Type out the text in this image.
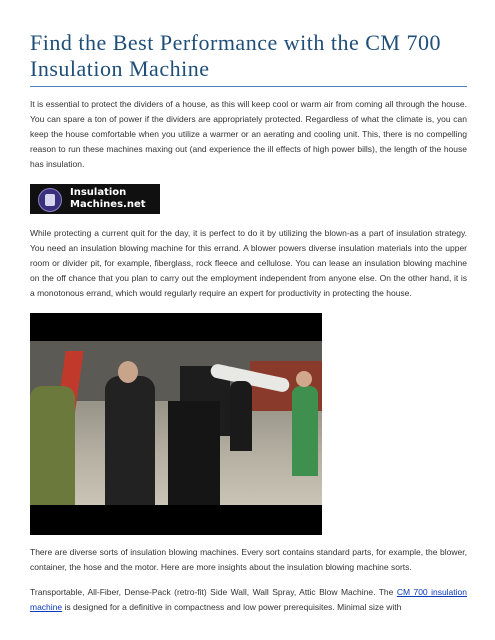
Find the Best Performance with the CM 700 Insulation Machine

It is essential to protect the dividers of a house, as this will keep cool or warm air from coming all through the house. You can spare a ton of power if the dividers are appropriately protected. Regardless of what the climate is, you can keep the house comfortable when you utilize a warmer or an aerating and cooling unit. This, there is no compelling reason to run these machines maxing out (and experience the ill effects of high power bills), the length of the house has insulation.

Insulation
Machines.net

While protecting a current quit for the day, it is perfect to do it by utilizing the blown-as a part of insulation strategy. You need an insulation blowing machine for this errand. A blower powers diverse insulation materials into the upper room or divider pit, for example, fiberglass, rock fleece and cellulose. You can lease an insulation blowing machine on the off chance that you plan to carry out the employment independent from anyone else. On the other hand, it is a monotonous errand, which would regularly require an expert for productivity in protecting the house.

There are diverse sorts of insulation blowing machines. Every sort contains standard parts, for example, the blower, container, the hose and the motor. Here are more insights about the insulation blowing machine sorts.

Transportable, All-Fiber, Dense-Pack (retro-fit) Side Wall, Wall Spray, Attic Blow Machine. The CM 700 insulation machine is designed for a definitive in compactness and low power prerequisites. Minimal size with
